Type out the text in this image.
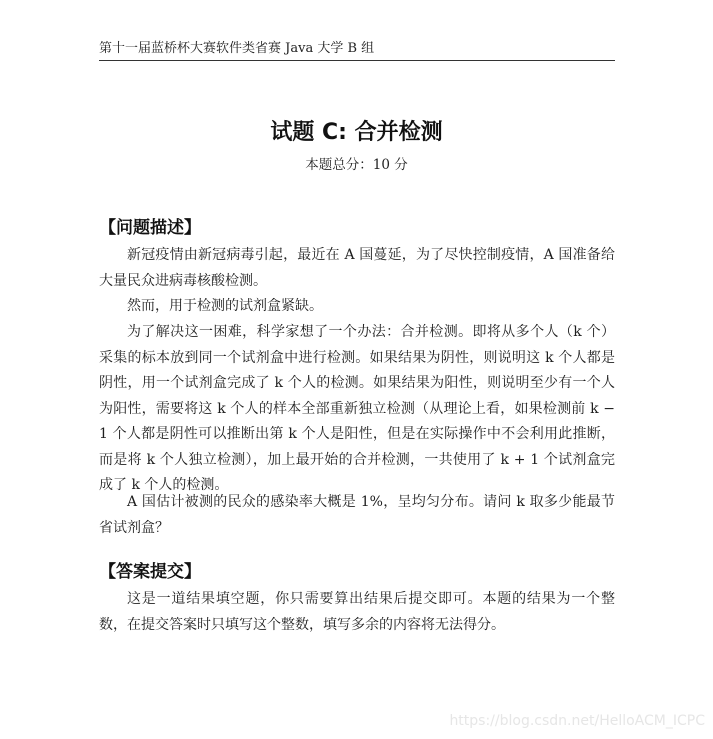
第十一届蓝桥杯大赛软件类省赛 Java 大学 B 组
试题 C: 合并检测
本题总分：10 分
【问题描述】
新冠疫情由新冠病毒引起，最近在 A 国蔓延，为了尽快控制疫情，A 国准备给大量民众进病毒核酸检测。
然而，用于检测的试剂盒紧缺。
为了解决这一困难，科学家想了一个办法：合并检测。即将从多个人（k 个）采集的标本放到同一个试剂盒中进行检测。如果结果为阴性，则说明这 k 个人都是阴性，用一个试剂盒完成了 k 个人的检测。如果结果为阳性，则说明至少有一个人为阳性，需要将这 k 个人的样本全部重新独立检测（从理论上看，如果检测前 k − 1 个人都是阴性可以推断出第 k 个人是阳性，但是在实际操作中不会利用此推断，而是将 k 个人独立检测），加上最开始的合并检测，一共使用了 k + 1 个试剂盒完成了 k 个人的检测。
A 国估计被测的民众的感染率大概是 1%，呈均匀分布。请问 k 取多少能最节省试剂盒？
【答案提交】
这是一道结果填空题，你只需要算出结果后提交即可。本题的结果为一个整数，在提交答案时只填写这个整数，填写多余的内容将无法得分。
https://blog.csdn.net/HelloACM_ICPC
